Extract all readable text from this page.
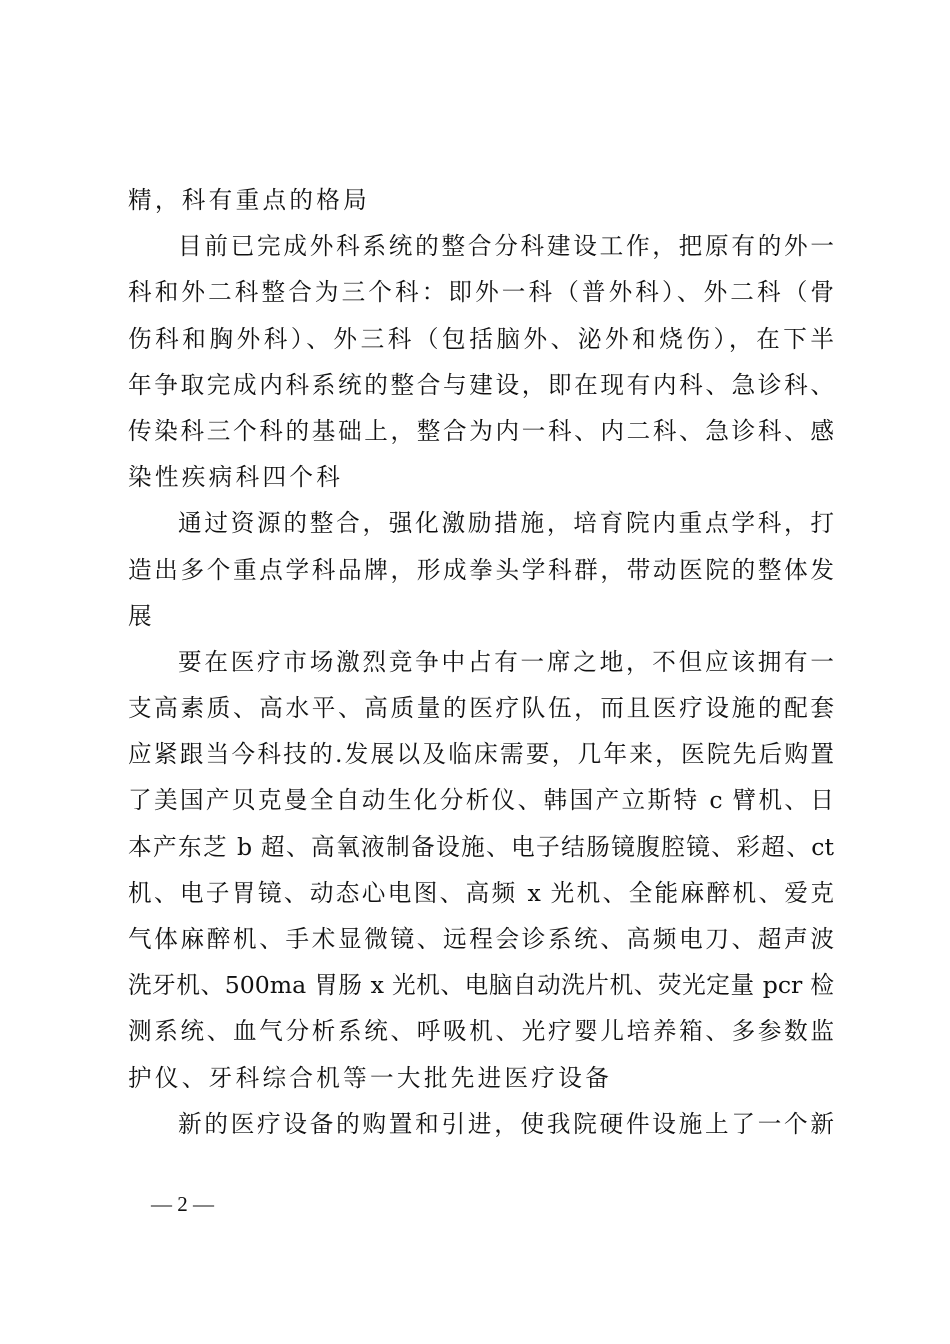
精，科有重点的格局
目前已完成外科系统的整合分科建设工作，把原有的外一
科和外二科整合为三个科：即外一科（普外科）、外二科（骨
伤科和胸外科）、外三科（包括脑外、泌外和烧伤），在下半
年争取完成内科系统的整合与建设，即在现有内科、急诊科、
传染科三个科的基础上，整合为内一科、内二科、急诊科、感
染性疾病科四个科
通过资源的整合，强化激励措施，培育院内重点学科，打
造出多个重点学科品牌，形成拳头学科群，带动医院的整体发
展
要在医疗市场激烈竞争中占有一席之地，不但应该拥有一
支高素质、高水平、高质量的医疗队伍，而且医疗设施的配套
应紧跟当今科技的.发展以及临床需要，几年来，医院先后购置
了美国产贝克曼全自动生化分析仪、韩国产立斯特 c 臂机、日
本产东芝 b 超、高氧液制备设施、电子结肠镜腹腔镜、彩超、ct
机、电子胃镜、动态心电图、高频 x 光机、全能麻醉机、爱克
气体麻醉机、手术显微镜、远程会诊系统、高频电刀、超声波
洗牙机、500ma 胃肠 x 光机、电脑自动洗片机、荧光定量 pcr 检
测系统、血气分析系统、呼吸机、光疗婴儿培养箱、多参数监
护仪、牙科综合机等一大批先进医疗设备
新的医疗设备的购置和引进，使我院硬件设施上了一个新
— 2 —
